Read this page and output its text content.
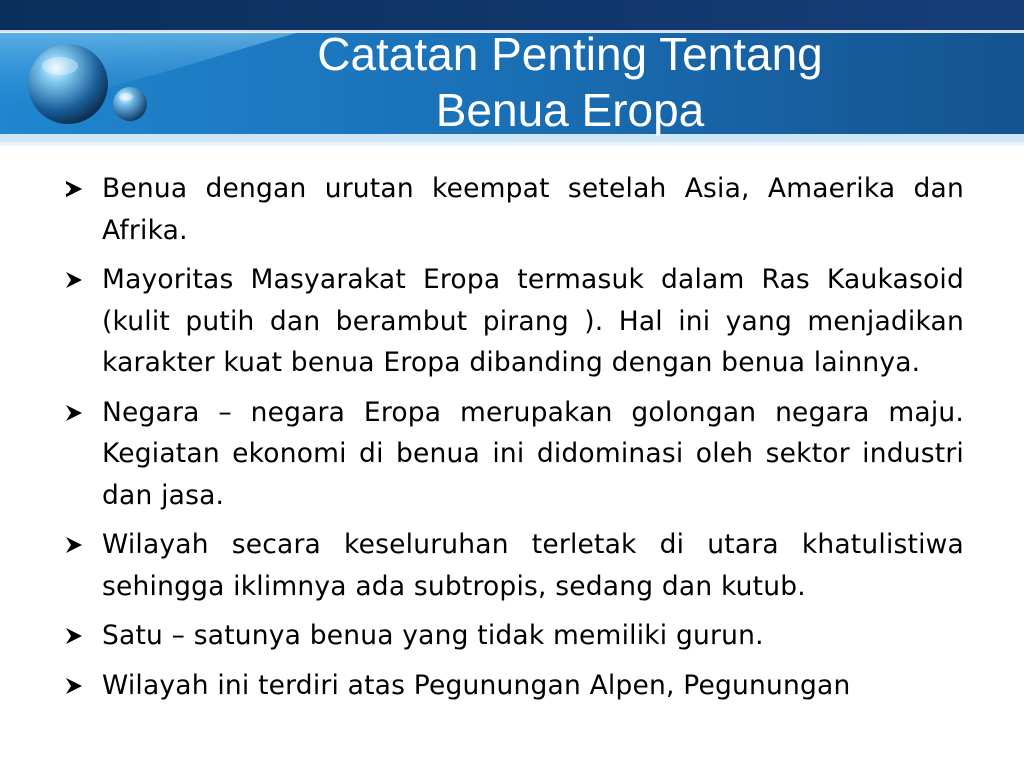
Catatan Penting Tentang
Benua Eropa
Benua dengan urutan keempat setelah Asia, Amaerika dan Afrika.
Mayoritas Masyarakat Eropa termasuk dalam Ras Kaukasoid (kulit putih dan berambut pirang ). Hal ini yang menjadikan karakter kuat benua Eropa dibanding dengan benua lainnya.
Negara – negara Eropa merupakan golongan negara maju. Kegiatan ekonomi di benua ini didominasi oleh sektor industri dan jasa.
Wilayah secara keseluruhan terletak di utara khatulistiwa sehingga iklimnya ada subtropis, sedang dan kutub.
Satu – satunya benua yang tidak memiliki gurun.
Wilayah ini terdiri atas Pegunungan Alpen, Pegunungan
